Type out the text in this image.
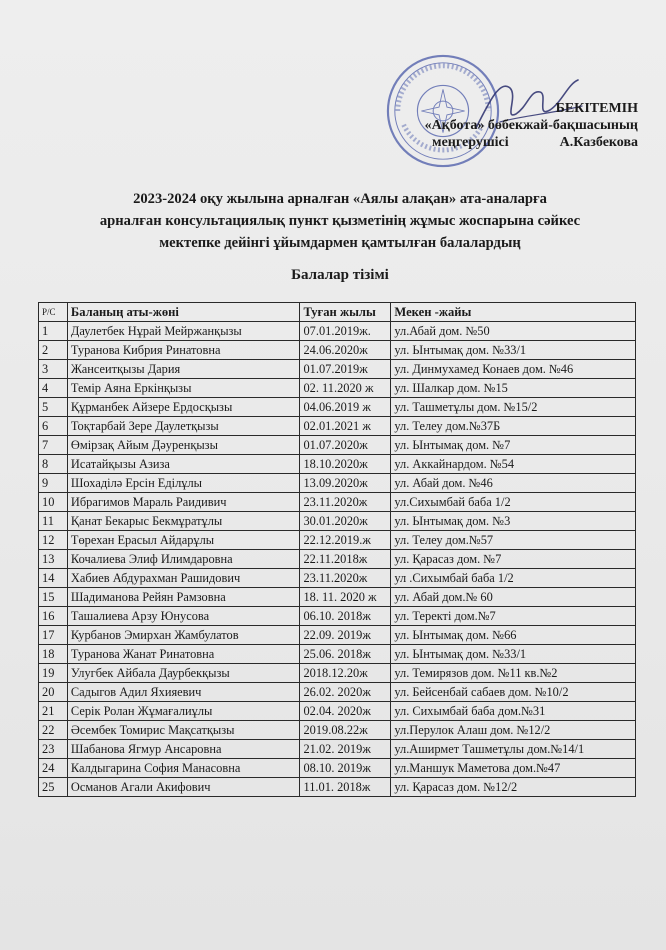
БЕКІТЕМІН
«Ақбота» бөбекжай-бақшасының
меңгерушісі	А.Казбекова
2023-2024 оқу жылына арналған «Аялы алақан» ата-аналарға
арналған консультациялық пункт қызметінің жұмыс жоспарына сәйкес
мектепке дейінгі ұйымдармен қамтылған балалардың
Балалар тізімі
Р/С	Баланың аты-жөні	Туған жылы	Мекен -жайы
1	Даулетбек Нұрай Мейржанқызы	07.01.2019ж.	ул.Абай дом. №50
2	Туранова Кибрия Ринатовна	24.06.2020ж	ул. Ынтымақ дом. №33/1
3	Жансеитқызы Дария	01.07.2019ж	ул. Динмухамед Конаев дом. №46
4	Темір Аяна Еркінқызы	02. 11.2020 ж	ул. Шалкар дом. №15
5	Құрманбек Айзере Ердосқызы	04.06.2019 ж	ул. Ташметұлы дом. №15/2
6	Тоқтарбай Зере Даулетқызы	02.01.2021 ж	ул. Телеу дом.№37Б
7	Өмірзақ Айым Дәуренқызы	01.07.2020ж	ул. Ынтымақ дом. №7
8	Исатайқызы Азиза	18.10.2020ж	ул. Аккайнардом. №54
9	Шохаділә Ерсін Еділұлы	13.09.2020ж	ул. Абай дом. №46
10	Ибрагимов Мараль Раидивич	23.11.2020ж	ул.Сихымбай баба 1/2
11	Қанат Бекарыс Бекмұратұлы	30.01.2020ж	ул. Ынтымақ дом. №3
12	Төрехан Ерасыл Айдарұлы	22.12.2019.ж	ул. Телеу дом.№57
13	Кочалиева Элиф Илимдаровна	22.11.2018ж	ул. Қарасаз дом. №7
14	Хабиев Абдурахман Рашидович	23.11.2020ж	ул .Сихымбай баба 1/2
15	Шадиманова Рейян Рамзовна	18. 11. 2020 ж	ул. Абай дом.№ 60
16	Ташалиева Арзу Юнусова	06.10. 2018ж	ул. Теректі дом.№7
17	Курбанов Эмирхан Жамбулатов	22.09. 2019ж	ул. Ынтымақ дом. №66
18	Туранова Жанат Ринатовна	25.06. 2018ж	ул. Ынтымақ дом. №33/1
19	Улугбек Айбала Даурбекқызы	2018.12.20ж	ул. Темирязов дом. №11 кв.№2
20	Садыгов Адил Яхияевич	26.02. 2020ж	ул. Бейсенбай сабаев дом. №10/2
21	Серік Ролан Жұмағалиұлы	02.04. 2020ж	ул. Сихымбай баба дом.№31
22	Әсембек Томирис Мақсатқызы	2019.08.22ж	ул.Перулок Алаш дом. №12/2
23	Шабанова Ягмур Ансаровна	21.02. 2019ж	ул.Аширмет Ташметұлы дом.№14/1
24	Калдыгарина София Манасовна	08.10. 2019ж	ул.Маншук Маметова дом.№47
25	Османов Агали Акифович	11.01. 2018ж	ул. Қарасаз дом. №12/2
